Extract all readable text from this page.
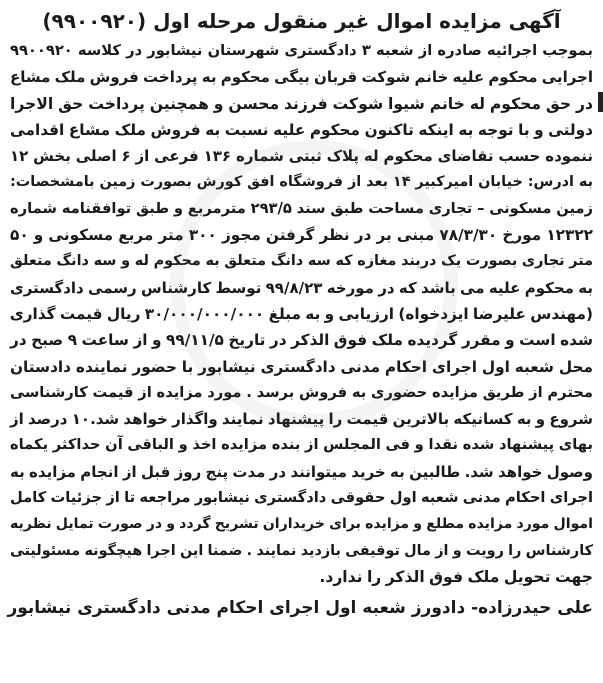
آگهی مزایده اموال غیر منقول مرحله اول (۹۹۰۰۹۲۰)
بموجب اجرائیه صادره از شعبه ۳ دادگستری شهرستان نیشابور در کلاسه ۹۹۰۰۹۲۰
اجرایی محکوم علیه خانم شوکت قربان بیگی محکوم به پرداخت فروش ملک مشاع
در حق محکوم له خانم شیوا شوکت فرزند محسن و همچنین پرداخت حق الاجرا
دولتی و با توجه به اینکه تاکنون محکوم علیه نسبت به فروش ملک مشاع اقدامی
ننموده حسب تقاضای محکوم له پلاک ثبتی شماره ۱۳۶ فرعی از ۶ اصلی بخش ۱۲
به ادرس: خیابان امیرکبیر ۱۴ بعد از فروشگاه افق کورش بصورت زمین بامشخصات:
زمین مسکونی – تجاری مساحت طبق سند ۲۹۳/۵ مترمربع و طبق توافقنامه شماره
۱۲۳۲۲ مورخ ۷۸/۳/۳۰ مبنی بر در نظر گرفتن مجوز ۳۰۰ متر مربع مسکونی و ۵۰
متر تجاری بصورت یک دربند مغازه که سه دانگ متعلق به محکوم له و سه دانگ متعلق
به محکوم علیه می باشد که در مورخه ۹۹/۸/۲۳ توسط کارشناس رسمی دادگستری
(مهندس علیرضا ایزدخواه) ارزیابی و به مبلغ ۳۰/۰۰۰/۰۰۰/۰۰۰ ریال قیمت گذاری
شده است و مقرر گردیده ملک فوق الذکر در تاریخ ۹۹/۱۱/۵ و از ساعت ۹ صبح در
محل شعبه اول اجرای احکام مدنی دادگستری نیشابور با حضور نماینده دادستان
محترم از طریق مزایده حضوری به فروش برسد . مورد مزایده از قیمت کارشناسی
شروع و به کسانیکه بالاترین قیمت را پیشنهاد نمایند واگذار خواهد شد.۱۰ درصد از
بهای پیشنهاد شده نقدا و فی المجلس از بنده مزایده اخذ و الباقی آن حداکثر یکماه
وصول خواهد شد. طالبین به خرید میتوانند در مدت پنج روز قبل از انجام مزایده به
اجرای احکام مدنی شعبه اول حقوقی دادگستری نیشابور مراجعه تا از جزئیات کامل
اموال مورد مزایده مطلع و مزایده برای خریداران تشریح گردد و در صورت تمایل نظریه
کارشناس را رویت و از مال توقیفی بازدید نمایند . ضمنا این اجرا هیچگونه مسئولیتی
جهت تحویل ملک فوق الذکر را ندارد.
علی حیدرزاده- دادورز شعبه اول اجرای احکام مدنی دادگستری نیشابور
